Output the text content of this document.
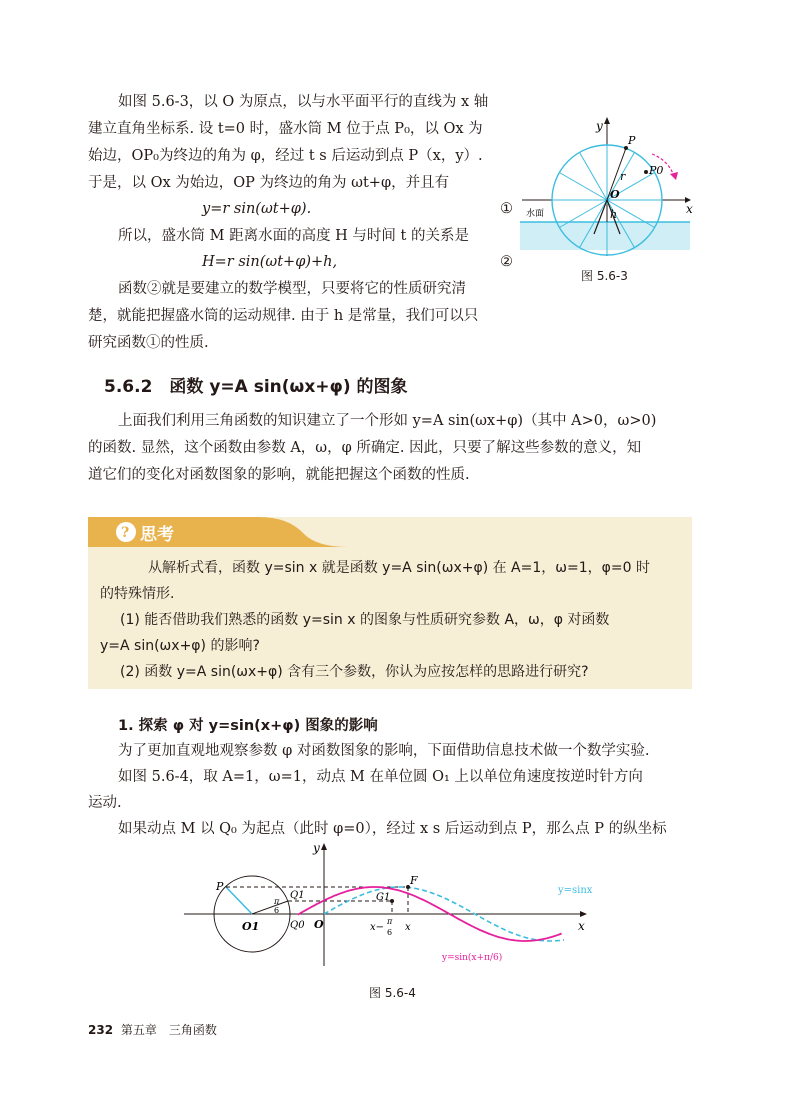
如图 5.6-3，以 O 为原点，以与水平面平行的直线为 x 轴
建立直角坐标系. 设 t=0 时，盛水筒 M 位于点 P₀，以 Ox 为
始边，OP₀为终边的角为 φ，经过 t s 后运动到点 P（x，y）.
于是，以 Ox 为始边，OP 为终边的角为 ωt+φ，并且有
y=r sin(ωt+φ).	①
所以，盛水筒 M 距离水面的高度 H 与时间 t 的关系是
H=r sin(ωt+φ)+h,	②
函数②就是要建立的数学模型，只要将它的性质研究清
楚，就能把握盛水筒的运动规律. 由于 h 是常量，我们可以只
研究函数①的性质.
y
x
P
P0
r
O
h
水面
图 5.6-3
5.6.2　函数 y=A sin(ωx+φ) 的图象
上面我们利用三角函数的知识建立了一个形如 y=A sin(ωx+φ)（其中 A>0，ω>0)
的函数. 显然，这个函数由参数 A，ω，φ 所确定. 因此，只要了解这些参数的意义，知
道它们的变化对函数图象的影响，就能把握这个函数的性质.
? 思考
从解析式看，函数 y=sin x 就是函数 y=A sin(ωx+φ) 在 A=1，ω=1，φ=0 时
的特殊情形.
(1) 能否借助我们熟悉的函数 y=sin x 的图象与性质研究参数 A，ω，φ 对函数
y=A sin(ωx+φ) 的影响?
(2) 函数 y=A sin(ωx+φ) 含有三个参数，你认为应按怎样的思路进行研究?
1. 探索 φ 对 y=sin(x+φ) 图象的影响
为了更加直观地观察参数 φ 对函数图象的影响，下面借助信息技术做一个数学实验.
如图 5.6-4，取 A=1，ω=1，动点 M 在单位圆 O₁ 上以单位角速度按逆时针方向
运动.
如果动点 M 以 Q₀ 为起点（此时 φ=0），经过 x s 后运动到点 P，那么点 P 的纵坐标
y
x
P	F
Q1
Q0
O1	O
G1
π
6
x−
π
6 x
y=sinx
y=sin(x+π/6)
图 5.6-4
232 第五章　三角函数
